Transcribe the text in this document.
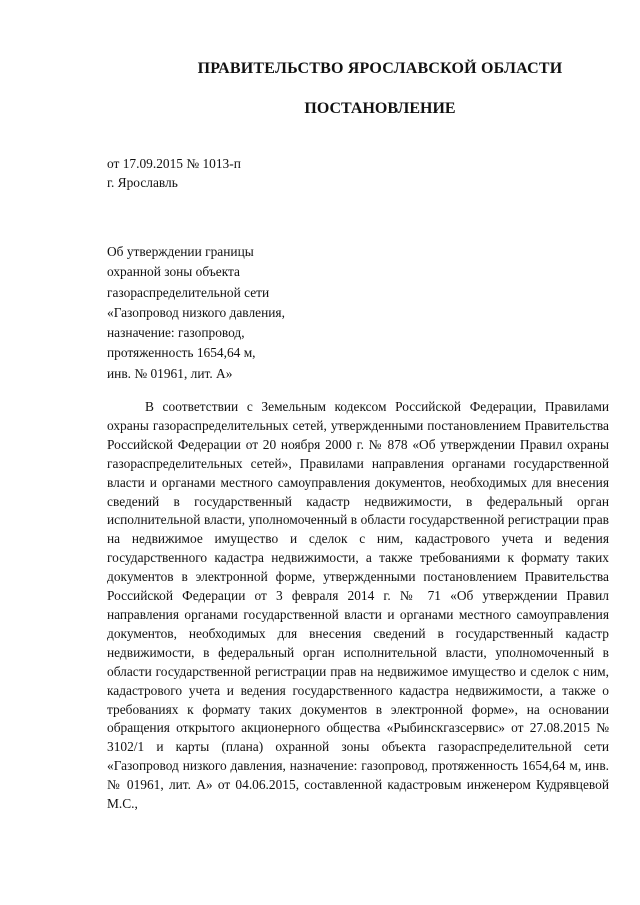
ПРАВИТЕЛЬСТВО ЯРОСЛАВСКОЙ ОБЛАСТИ
ПОСТАНОВЛЕНИЕ
от 17.09.2015 № 1013-п
г. Ярославль
Об утверждении границы
охранной зоны объекта
газораспределительной сети
«Газопровод низкого давления,
назначение: газопровод,
протяженность 1654,64 м,
инв. № 01961, лит. А»

В соответствии с Земельным кодексом Российской Федерации, Правилами охраны газораспределительных сетей, утвержденными постановлением Правительства Российской Федерации от 20 ноября 2000 г. № 878 «Об утверждении Правил охраны газораспределительных сетей», Правилами направления органами государственной власти и органами местного самоуправления документов, необходимых для внесения сведений в государственный кадастр недвижимости, в федеральный орган исполнительной власти, уполномоченный в области государственной регистрации прав на недвижимое имущество и сделок с ним, кадастрового учета и ведения государственного кадастра недвижимости, а также требованиями к формату таких документов в электронной форме, утвержденными постановлением Правительства Российской Федерации от 3 февраля 2014 г. № 71 «Об утверждении Правил направления органами государственной власти и органами местного самоуправления документов, необходимых для внесения сведений в государственный кадастр недвижимости, в федеральный орган исполнительной власти, уполномоченный в области государственной регистрации прав на недвижимое имущество и сделок с ним, кадастрового учета и ведения государственного кадастра недвижимости, а также о требованиях к формату таких документов в электронной форме», на основании обращения открытого акционерного общества «Рыбинскгазсервис» от 27.08.2015 № 3102/1 и карты (плана) охранной зоны объекта газораспределительной сети «Газопровод низкого давления, назначение: газопровод, протяженность 1654,64 м, инв. № 01961, лит. А» от 04.06.2015, составленной кадастровым инженером Кудрявцевой М.С.,
